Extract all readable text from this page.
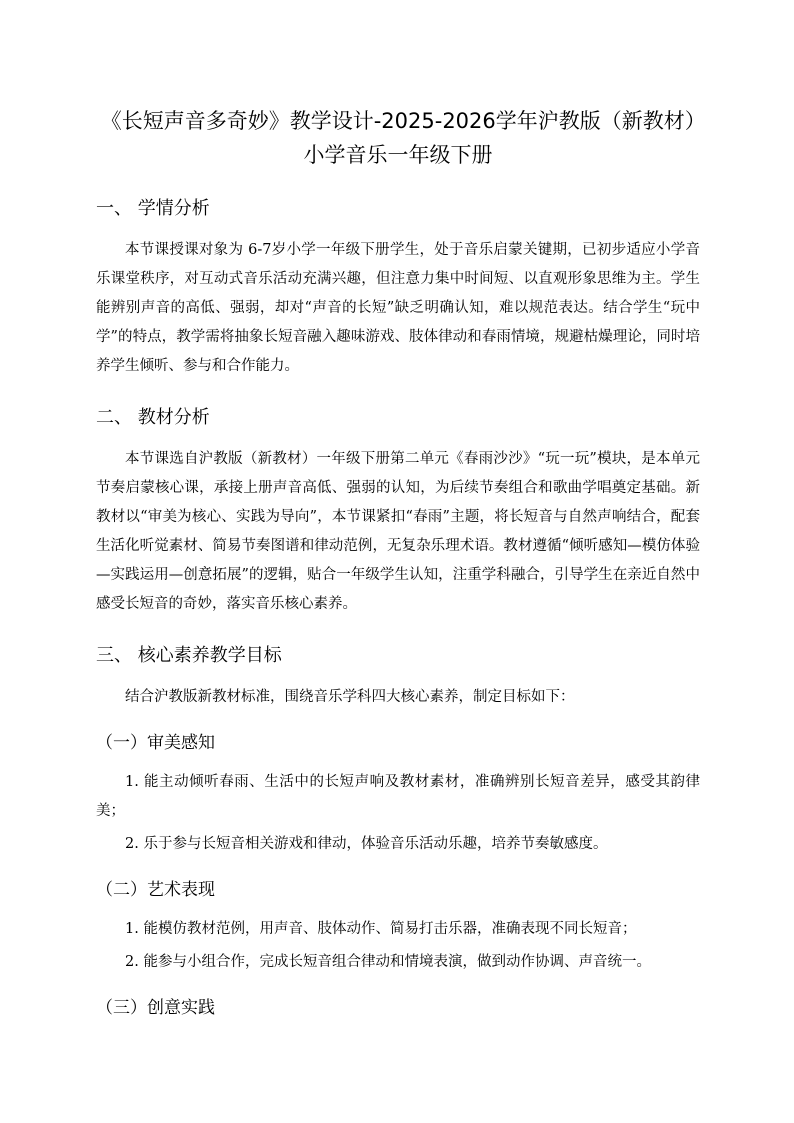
《长短声音多奇妙》教学设计-2025-2026学年沪教版（新教材）小学音乐一年级下册
一、 学情分析

本节课授课对象为 6-7岁小学一年级下册学生，处于音乐启蒙关键期，已初步适应小学音乐课堂秩序，对互动式音乐活动充满兴趣，但注意力集中时间短、以直观形象思维为主。学生能辨别声音的高低、强弱，却对“声音的长短”缺乏明确认知，难以规范表达。结合学生“玩中学”的特点，教学需将抽象长短音融入趣味游戏、肢体律动和春雨情境，规避枯燥理论，同时培养学生倾听、参与和合作能力。

二、 教材分析

本节课选自沪教版（新教材）一年级下册第二单元《春雨沙沙》“玩一玩”模块，是本单元节奏启蒙核心课，承接上册声音高低、强弱的认知，为后续节奏组合和歌曲学唱奠定基础。新教材以“审美为核心、实践为导向”，本节课紧扣“春雨”主题，将长短音与自然声响结合，配套生活化听觉素材、简易节奏图谱和律动范例，无复杂乐理术语。教材遵循“倾听感知—模仿体验—实践运用—创意拓展”的逻辑，贴合一年级学生认知，注重学科融合，引导学生在亲近自然中感受长短音的奇妙，落实音乐核心素养。

三、 核心素养教学目标

结合沪教版新教材标准，围绕音乐学科四大核心素养，制定目标如下：

（一）审美感知

1. 能主动倾听春雨、生活中的长短声响及教材素材，准确辨别长短音差异，感受其韵律美；

2. 乐于参与长短音相关游戏和律动，体验音乐活动乐趣，培养节奏敏感度。

（二）艺术表现

1. 能模仿教材范例，用声音、肢体动作、简易打击乐器，准确表现不同长短音；

2. 能参与小组合作，完成长短音组合律动和情境表演，做到动作协调、声音统一。

（三）创意实践
